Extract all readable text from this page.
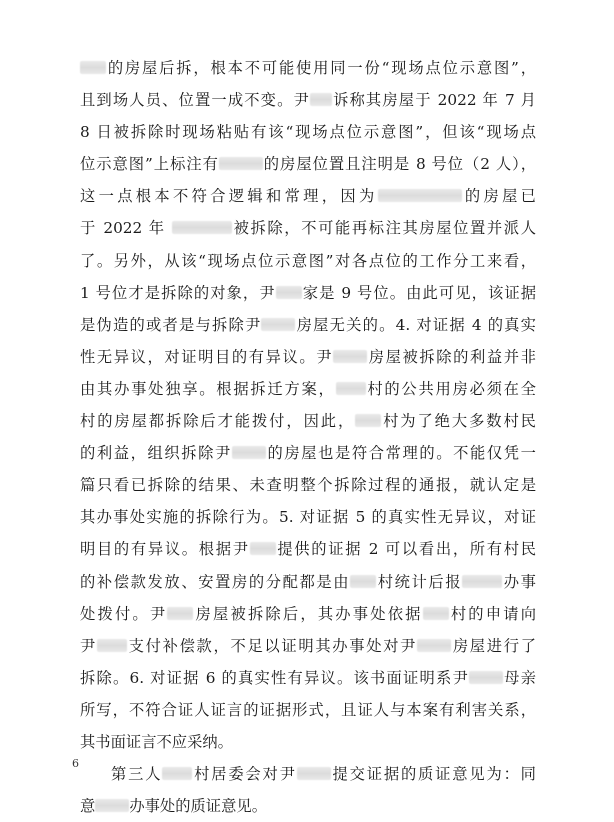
的房屋后拆，根本不可能使用同一份“现场点位示意图”，
且到场人员、位置一成不变。尹 诉称其房屋于 2022 年 7 月
8 日被拆除时现场粘贴有该“现场点位示意图”，但该“现场点
位示意图”上标注有	的房屋位置且注明是 8 号位（2 人），
这一点根本不符合逻辑和常理，因为	的房屋已
于 2022 年	被拆除，不可能再标注其房屋位置并派人
了。另外，从该“现场点位示意图”对各点位的工作分工来看，
1 号位才是拆除的对象，尹 家是 9 号位。由此可见，该证据
是伪造的或者是与拆除尹 房屋无关的。4. 对证据 4 的真实
性无异议，对证明目的有异议。尹 房屋被拆除的利益并非
由其办事处独享。根据拆迁方案， 村的公共用房必须在全
村的房屋都拆除后才能拨付，因此， 村为了绝大多数村民
的利益，组织拆除尹 的房屋也是符合常理的。不能仅凭一
篇只看已拆除的结果、未查明整个拆除过程的通报，就认定是
其办事处实施的拆除行为。5. 对证据 5 的真实性无异议，对证
明目的有异议。根据尹 提供的证据 2 可以看出，所有村民
的补偿款发放、安置房的分配都是由 村统计后报	办事
处拨付。尹 房屋被拆除后，其办事处依据 村的申请向
尹 支付补偿款，不足以证明其办事处对尹 房屋进行了
拆除。6. 对证据 6 的真实性有异议。该书面证明系尹 母亲
所写，不符合证人证言的证据形式，且证人与本案有利害关系，
其书面证言不应采纳。
第三人 村居委会对尹 提交证据的质证意见为：同
意 办事处的质证意见。
6
